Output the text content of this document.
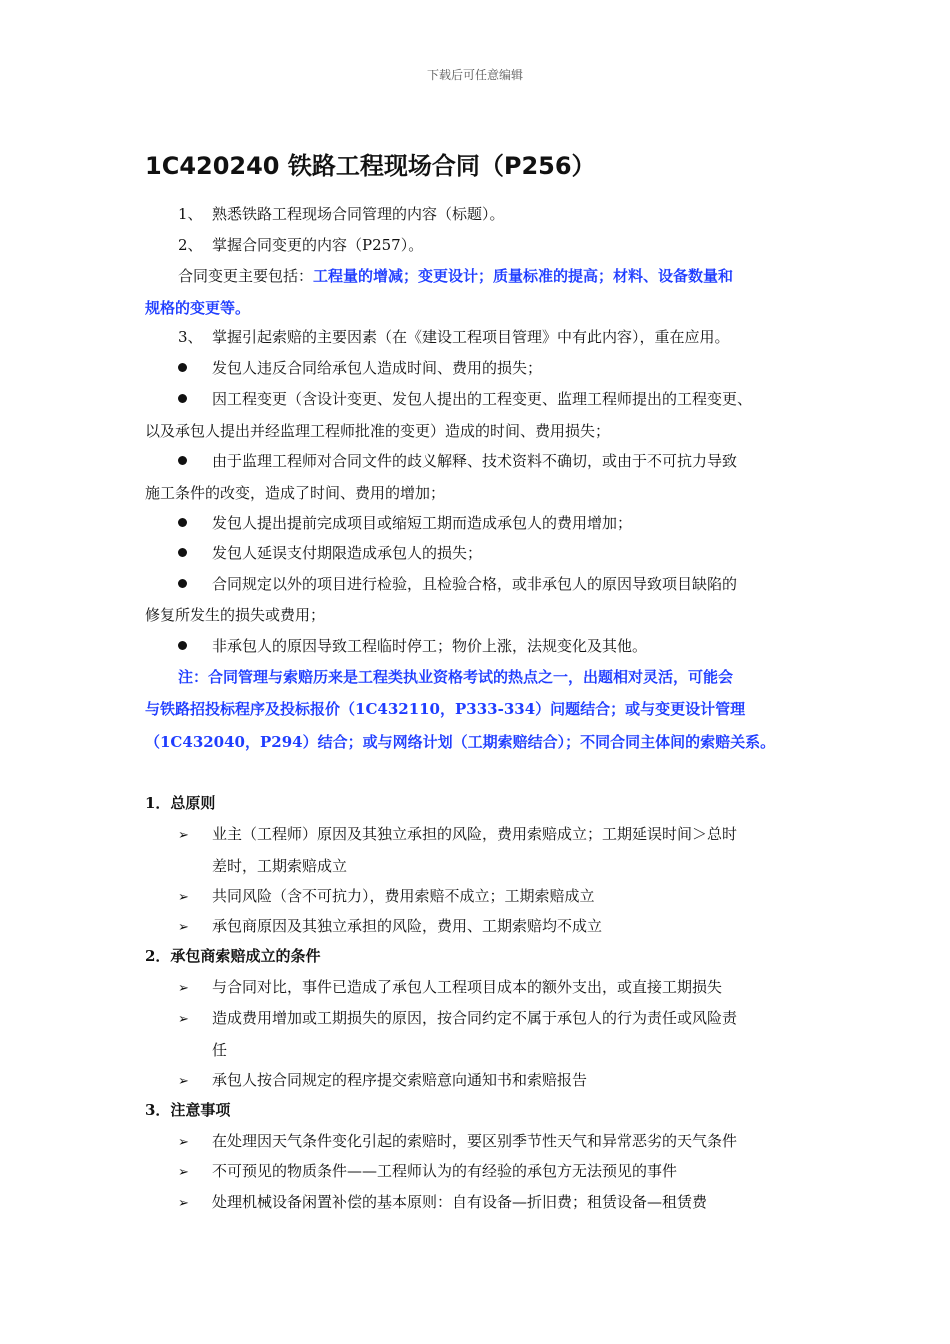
下载后可任意编辑
1C420240 铁路工程现场合同（P256）
1、 熟悉铁路工程现场合同管理的内容（标题）。
2、 掌握合同变更的内容（P257）。
合同变更主要包括：工程量的增减；变更设计；质量标准的提高；材料、设备数量和
规格的变更等。
3、 掌握引起索赔的主要因素（在《建设工程项目管理》中有此内容），重在应用。
发包人违反合同给承包人造成时间、费用的损失；
因工程变更（含设计变更、发包人提出的工程变更、监理工程师提出的工程变更、
以及承包人提出并经监理工程师批准的变更）造成的时间、费用损失；
由于监理工程师对合同文件的歧义解释、技术资料不确切，或由于不可抗力导致
施工条件的改变，造成了时间、费用的增加；
发包人提出提前完成项目或缩短工期而造成承包人的费用增加；
发包人延误支付期限造成承包人的损失；
合同规定以外的项目进行检验，且检验合格，或非承包人的原因导致项目缺陷的
修复所发生的损失或费用；
非承包人的原因导致工程临时停工；物价上涨，法规变化及其他。
注：合同管理与索赔历来是工程类执业资格考试的热点之一，出题相对灵活，可能会
与铁路招投标程序及投标报价（1C432110，P333-334）问题结合；或与变更设计管理
（1C432040，P294）结合；或与网络计划（工期索赔结合）；不同合同主体间的索赔关系。
1．总原则
➢ 业主（工程师）原因及其独立承担的风险，费用索赔成立；工期延误时间＞总时
差时，工期索赔成立
➢ 共同风险（含不可抗力），费用索赔不成立；工期索赔成立
➢ 承包商原因及其独立承担的风险，费用、工期索赔均不成立
2．承包商索赔成立的条件
➢ 与合同对比，事件已造成了承包人工程项目成本的额外支出，或直接工期损失
➢ 造成费用增加或工期损失的原因，按合同约定不属于承包人的行为责任或风险责
任
➢ 承包人按合同规定的程序提交索赔意向通知书和索赔报告
3．注意事项
➢ 在处理因天气条件变化引起的索赔时，要区别季节性天气和异常恶劣的天气条件
➢ 不可预见的物质条件——工程师认为的有经验的承包方无法预见的事件
➢ 处理机械设备闲置补偿的基本原则：自有设备—折旧费；租赁设备—租赁费
